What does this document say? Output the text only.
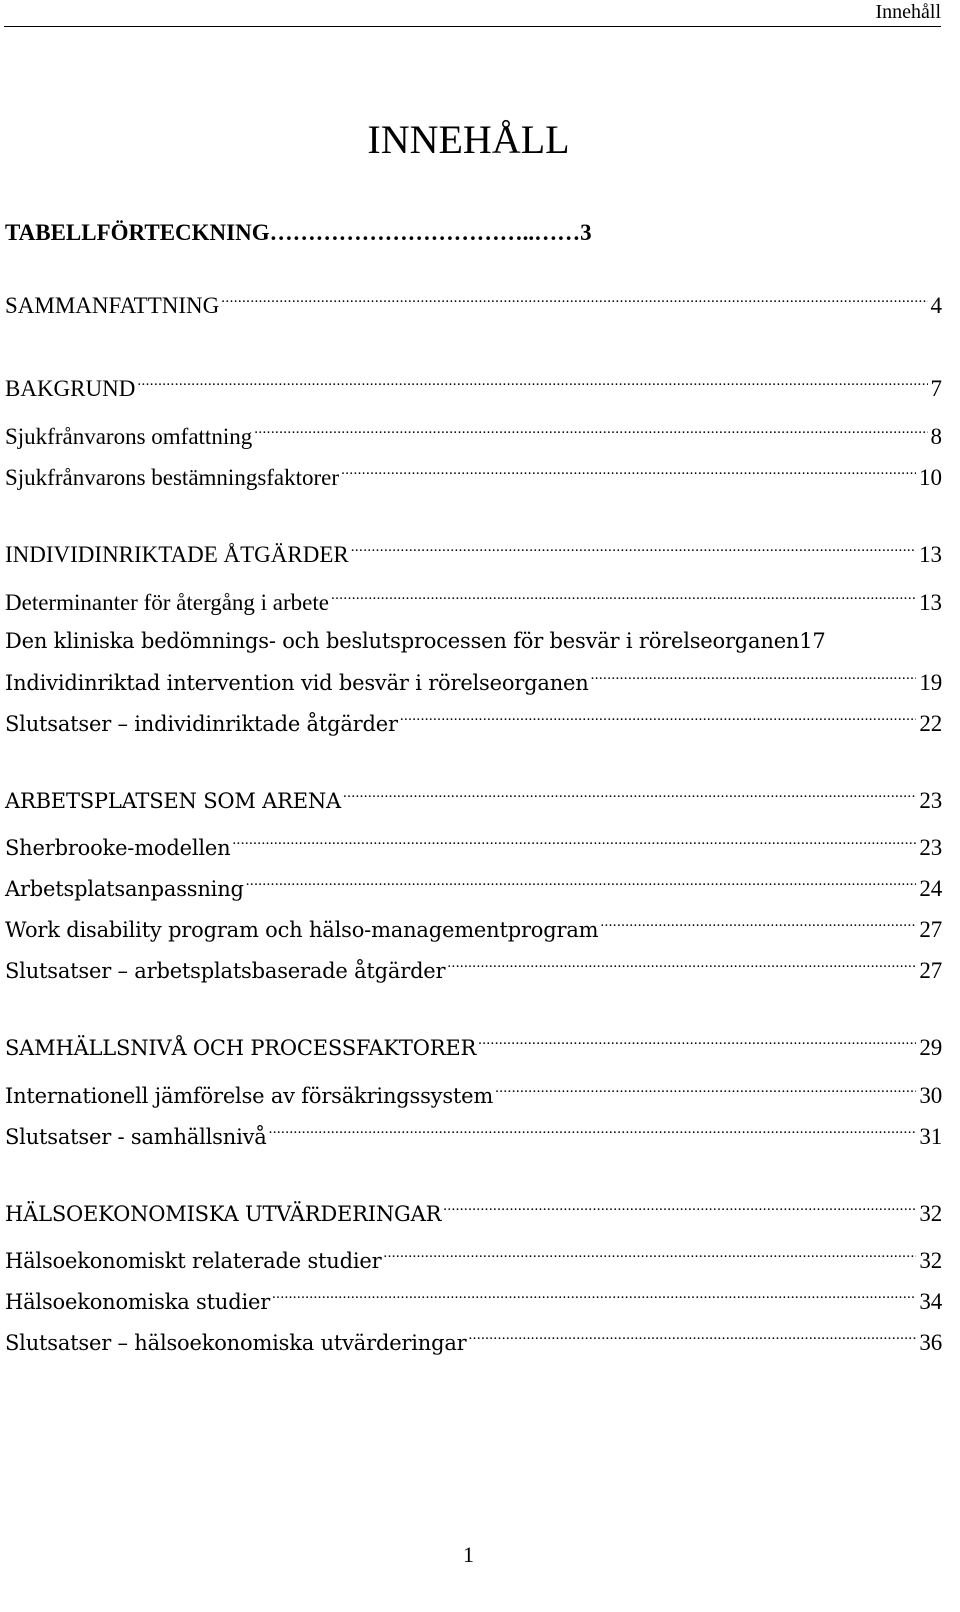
Innehåll
INNEHÅLL
TABELLFÖRTECKNING ……………………………..…… 3
SAMMANFATTNING .....	4
BAKGRUND .....	7
Sjukfrånvarons omfattning .....	8
Sjukfrånvarons bestämningsfaktorer .....	10
INDIVIDINRIKTADE ÅTGÄRDER .....	13
Determinanter för återgång i arbete .....	13
Den kliniska bedömnings- och beslutsprocessen för besvär i rörelseorganen17
Individinriktad intervention vid besvär i rörelseorganen .....	19
Slutsatser – individinriktade åtgärder .....	22
ARBETSPLATSEN SOM ARENA .....	23
Sherbrooke-modellen .....	23
Arbetsplatsanpassning .....	24
Work disability program och hälso-managementprogram .....	27
Slutsatser – arbetsplatsbaserade åtgärder .....	27
SAMHÄLLSNIVÅ OCH PROCESSFAKTORER .....	29
Internationell jämförelse av försäkringssystem .....	30
Slutsatser - samhällsnivå .....	31
HÄLSOEKONOMISKA UTVÄRDERINGAR .....	32
Hälsoekonomiskt relaterade studier .....	32
Hälsoekonomiska studier .....	34
Slutsatser – hälsoekonomiska utvärderingar .....	36
1
